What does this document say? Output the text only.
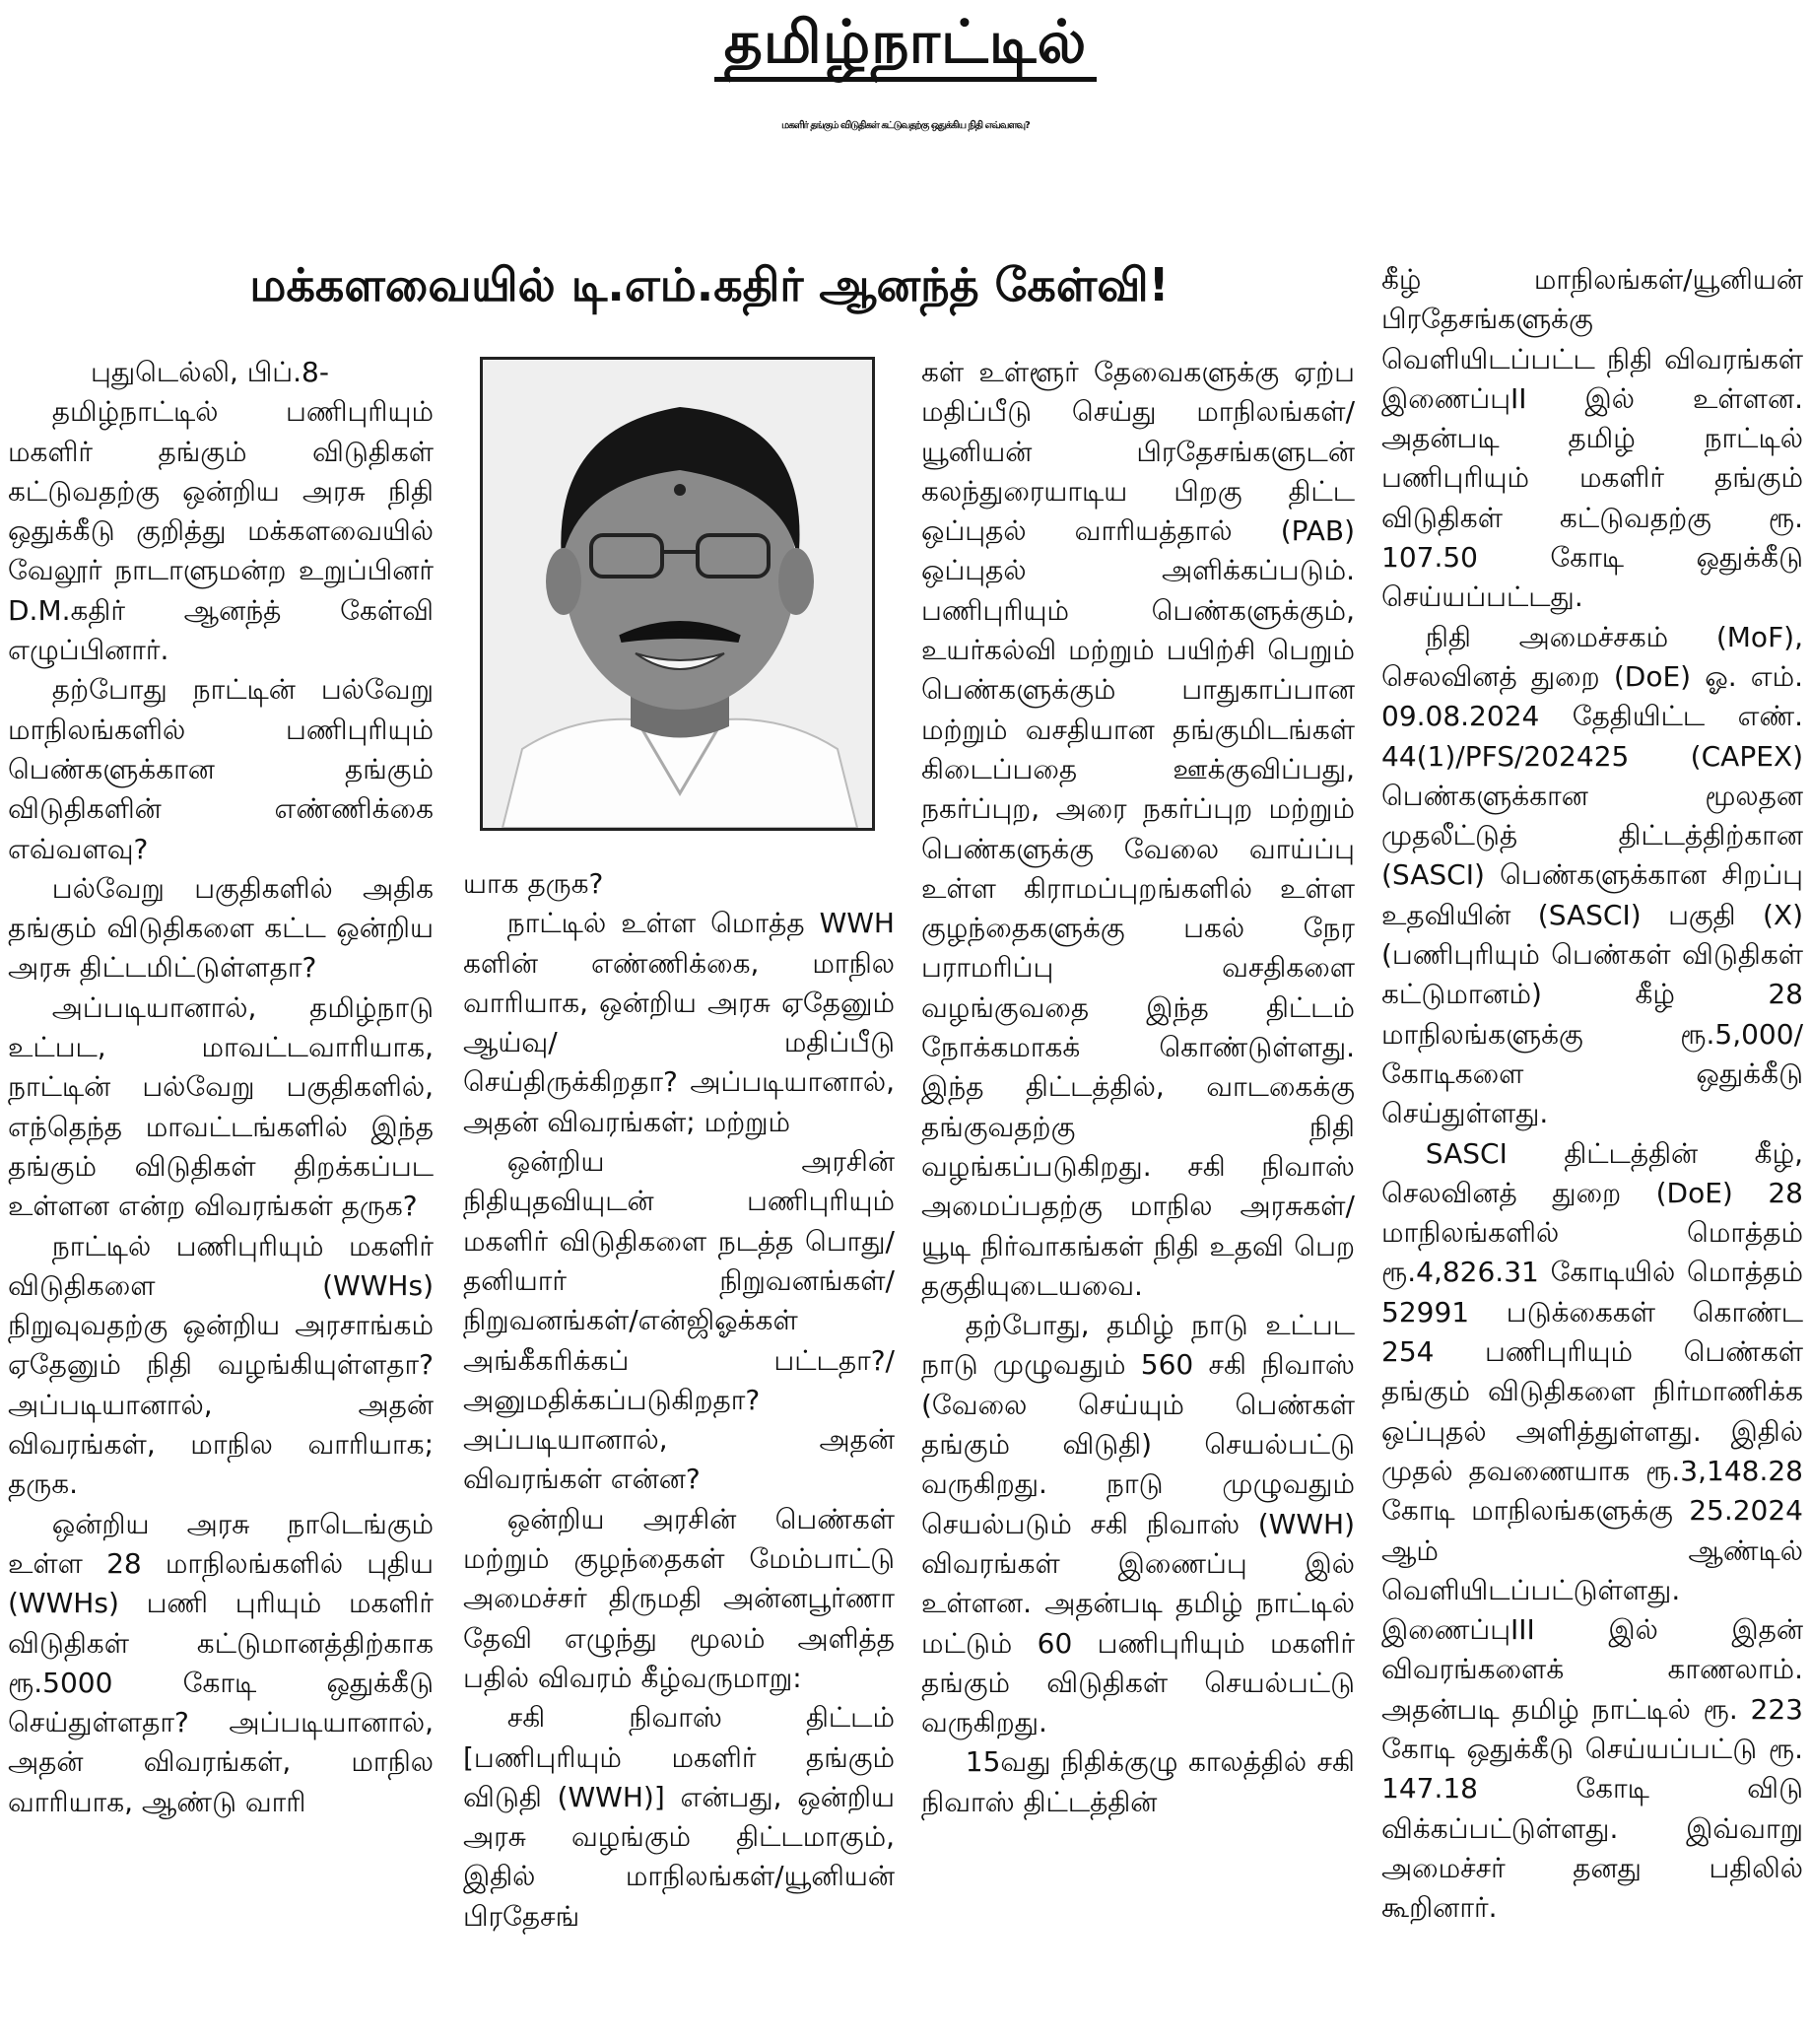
தமிழ்நாட்டில்
மகளிர் தங்கும் விடுதிகள் கட்டுவதற்கு ஒதுக்கிய நிதி எவ்வளவு?
மக்களவையில் டி.எம்.கதிர் ஆனந்த் கேள்வி!

புதுடெல்லி, பிப்.8-

தமிழ்நாட்டில் பணிபுரியும் மகளிர் தங்கும் விடுதிகள் கட்டுவதற்கு ஒன்றிய அரசு நிதி ஒதுக்கீடு குறித்து மக்களவையில் வேலூர் நாடாளுமன்ற உறுப்பினர் D.M.கதிர் ஆனந்த் கேள்வி எழுப்பினார்.

தற்போது நாட்டின் பல்வேறு மாநிலங்களில் பணிபுரியும் பெண்களுக்கான தங்கும் விடுதிகளின் எண்ணிக்கை எவ்வளவு?

பல்வேறு பகுதிகளில் அதிக தங்கும் விடுதிகளை கட்ட ஒன்றிய அரசு திட்டமிட்டுள்ளதா?

அப்படியானால், தமிழ்நாடு உட்பட, மாவட்டவாரியாக, நாட்டின் பல்வேறு பகுதிகளில், எந்தெந்த மாவட்டங்களில் இந்த தங்கும் விடுதிகள் திறக்கப்பட உள்ளன என்ற விவரங்கள் தருக?

நாட்டில் பணிபுரியும் மகளிர் விடுதிகளை (WWHs) நிறுவுவதற்கு ஒன்றிய அரசாங்கம் ஏதேனும் நிதி வழங்கியுள்ளதா? அப்படியானால், அதன் விவரங்கள், மாநில வாரியாக; தருக.

ஒன்றிய அரசு நாடெங்கும் உள்ள 28 மாநிலங்களில் புதிய (WWHs) பணி புரியும் மகளிர் விடுதிகள் கட்டுமானத்திற்காக ரூ.5000 கோடி ஒதுக்கீடு செய்துள்ளதா? அப்படியானால், அதன் விவரங்கள், மாநில வாரியாக, ஆண்டு வாரி

யாக தருக?

நாட்டில் உள்ள மொத்த WWH களின் எண்ணிக்கை, மாநில வாரியாக, ஒன்றிய அரசு ஏதேனும் ஆய்வு/ மதிப்பீடு செய்திருக்கிறதா? அப்படியானால், அதன் விவரங்கள்; மற்றும்

ஒன்றிய அரசின் நிதியுதவியுடன் பணிபுரியும் மகளிர் விடுதிகளை நடத்த பொது/தனியார் நிறுவனங்கள்/நிறுவனங்கள்/என்ஜிஓக்கள் அங்கீகரிக்கப் பட்டதா?/ அனுமதிக்கப்படுகிறதா? அப்படியானால், அதன் விவரங்கள் என்ன?

ஒன்றிய அரசின் பெண்கள் மற்றும் குழந்தைகள் மேம்பாட்டு அமைச்சர் திருமதி அன்னபூர்ணா தேவி எழுந்து மூலம் அளித்த பதில் விவரம் கீழ்வருமாறு:

சகி நிவாஸ் திட்டம் [பணிபுரியும் மகளிர் தங்கும் விடுதி (WWH)] என்பது, ஒன்றிய அரசு வழங்கும் திட்டமாகும், இதில் மாநிலங்கள்/யூனியன் பிரதேசங்

கள் உள்ளூர் தேவைகளுக்கு ஏற்ப மதிப்பீடு செய்து மாநிலங்கள்/யூனியன் பிரதேசங்களுடன் கலந்துரையாடிய பிறகு திட்ட ஒப்புதல் வாரியத்தால் (PAB) ஒப்புதல் அளிக்கப்படும். பணிபுரியும் பெண்களுக்கும், உயர்கல்வி மற்றும் பயிற்சி பெறும் பெண்களுக்கும் பாதுகாப்பான மற்றும் வசதியான தங்குமிடங்கள் கிடைப்பதை ஊக்குவிப்பது, நகர்ப்புற, அரை நகர்ப்புற மற்றும் பெண்களுக்கு வேலை வாய்ப்பு உள்ள கிராமப்புறங்களில் உள்ள குழந்தைகளுக்கு பகல் நேர பராமரிப்பு வசதிகளை வழங்குவதை இந்த திட்டம் நோக்கமாகக் கொண்டுள்ளது. இந்த திட்டத்தில், வாடகைக்கு தங்குவதற்கு நிதி வழங்கப்படுகிறது. சகி நிவாஸ் அமைப்பதற்கு மாநில அரசுகள்/யூடி நிர்வாகங்கள் நிதி உதவி பெற தகுதியுடையவை.

தற்போது, தமிழ் நாடு உட்பட நாடு முழுவதும் 560 சகி நிவாஸ் (வேலை செய்யும் பெண்கள் தங்கும் விடுதி) செயல்பட்டு வருகிறது. நாடு முழுவதும் செயல்படும் சகி நிவாஸ் (WWH) விவரங்கள் இணைப்பு இல் உள்ளன. அதன்படி தமிழ் நாட்டில் மட்டும் 60 பணிபுரியும் மகளிர் தங்கும் விடுதிகள் செயல்பட்டு வருகிறது.

15வது நிதிக்குழு காலத்தில் சகி நிவாஸ் திட்டத்தின்

கீழ் மாநிலங்கள்/யூனியன் பிரதேசங்களுக்கு வெளியிடப்பட்ட நிதி விவரங்கள் இணைப்புII இல் உள்ளன. அதன்படி தமிழ் நாட்டில் பணிபுரியும் மகளிர் தங்கும் விடுதிகள் கட்டுவதற்கு ரூ. 107.50 கோடி ஒதுக்கீடு செய்யப்பட்டது.

நிதி அமைச்சகம் (MoF), செலவினத் துறை (DoE) ஓ. எம். 09.08.2024 தேதியிட்ட எண். 44(1)/PFS/202425 (CAPEX) பெண்களுக்கான மூலதன முதலீட்டுத் திட்டத்திற்கான (SASCI) பெண்களுக்கான சிறப்பு உதவியின் (SASCI) பகுதி (X) (பணிபுரியும் பெண்கள் விடுதிகள் கட்டுமானம்) கீழ் 28 மாநிலங்களுக்கு ரூ.5,000/ கோடிகளை ஒதுக்கீடு செய்துள்ளது.

SASCI திட்டத்தின் கீழ், செலவினத் துறை (DoE) 28 மாநிலங்களில் மொத்தம் ரூ.4,826.31 கோடியில் மொத்தம் 52991 படுக்கைகள் கொண்ட 254 பணிபுரியும் பெண்கள் தங்கும் விடுதிகளை நிர்மாணிக்க ஒப்புதல் அளித்துள்ளது. இதில் முதல் தவணையாக ரூ.3,148.28 கோடி மாநிலங்களுக்கு 25.2024 ஆம் ஆண்டில் வெளியிடப்பட்டுள்ளது. இணைப்புIII இல் இதன் விவரங்களைக் காணலாம். அதன்படி தமிழ் நாட்டில் ரூ. 223 கோடி ஒதுக்கீடு செய்யப்பட்டு ரூ. 147.18 கோடி விடு விக்கப்பட்டுள்ளது. இவ்வாறு அமைச்சர் தனது பதிலில் கூறினார்.
